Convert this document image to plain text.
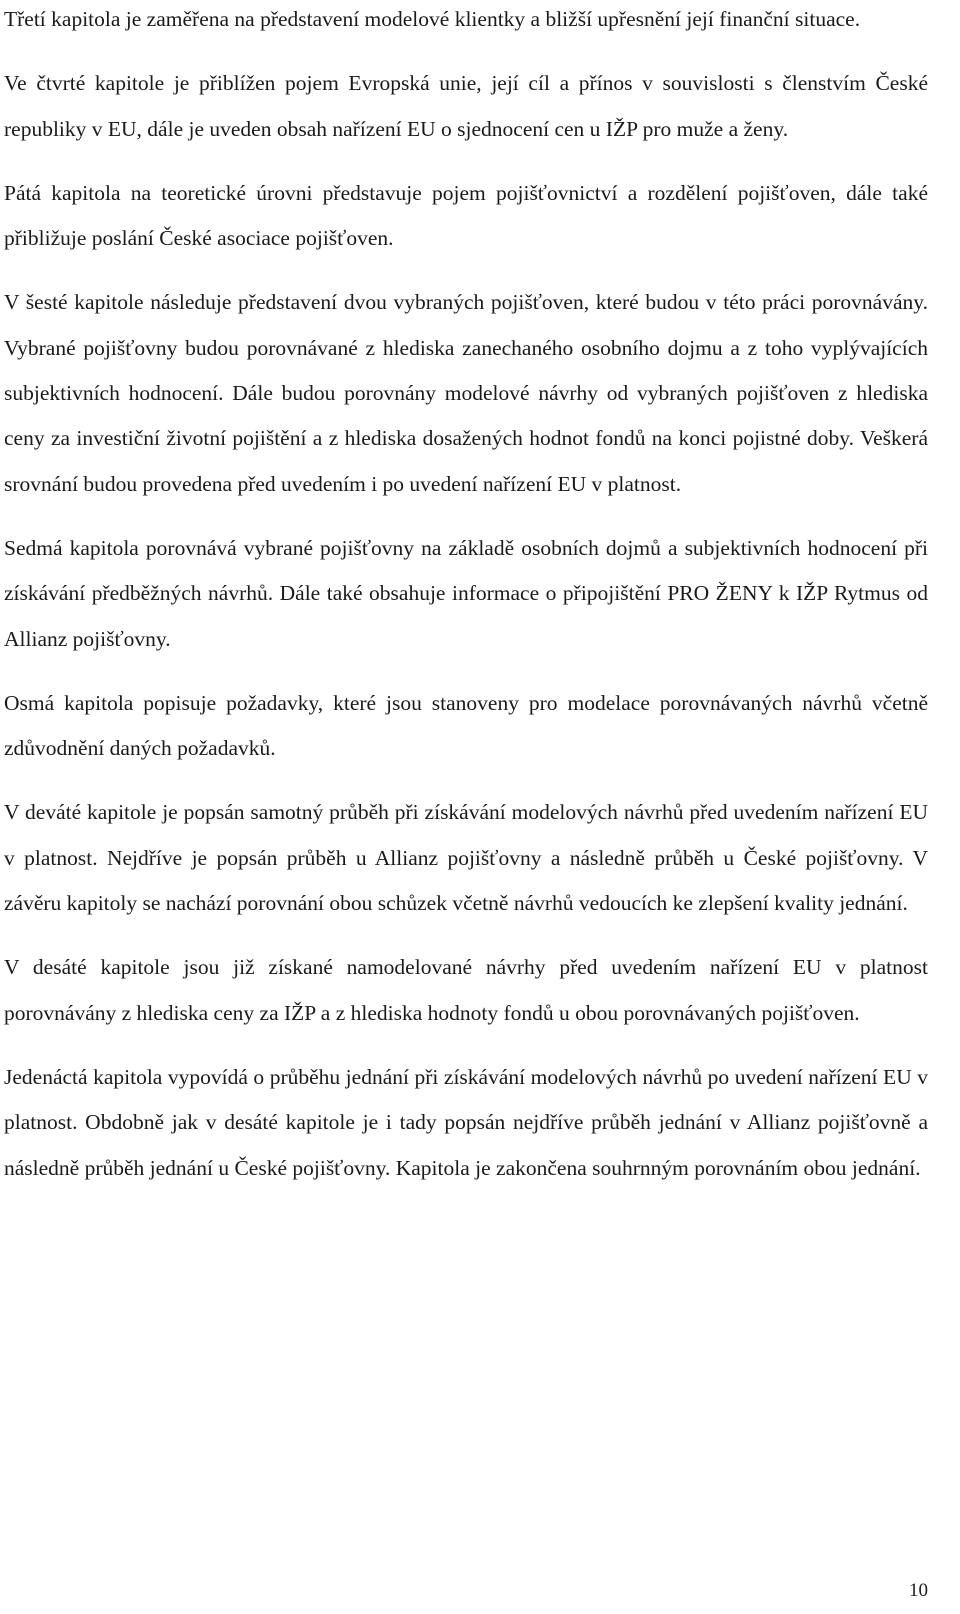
Třetí kapitola je zaměřena na představení modelové klientky a bližší upřesnění její finanční situace.

Ve čtvrté kapitole je přiblížen pojem Evropská unie, její cíl a přínos v souvislosti s členstvím České republiky v EU, dále je uveden obsah nařízení EU o sjednocení cen u IŽP pro muže a ženy.

Pátá kapitola na teoretické úrovni představuje pojem pojišťovnictví a rozdělení pojišťoven, dále také přibližuje poslání České asociace pojišťoven.

V šesté kapitole následuje představení dvou vybraných pojišťoven, které budou v této práci porovnávány. Vybrané pojišťovny budou porovnávané z hlediska zanechaného osobního dojmu a z toho vyplývajících subjektivních hodnocení. Dále budou porovnány modelové návrhy od vybraných pojišťoven z hlediska ceny za investiční životní pojištění a z hlediska dosažených hodnot fondů na konci pojistné doby. Veškerá srovnání budou provedena před uvedením i po uvedení nařízení EU v platnost.

Sedmá kapitola porovnává vybrané pojišťovny na základě osobních dojmů a subjektivních hodnocení při získávání předběžných návrhů. Dále také obsahuje informace o připojištění PRO ŽENY k IŽP Rytmus od Allianz pojišťovny.

Osmá kapitola popisuje požadavky, které jsou stanoveny pro modelace porovnávaných návrhů včetně zdůvodnění daných požadavků.

V deváté kapitole je popsán samotný průběh při získávání modelových návrhů před uvedením nařízení EU v platnost. Nejdříve je popsán průběh u Allianz pojišťovny a následně průběh u České pojišťovny. V závěru kapitoly se nachází porovnání obou schůzek včetně návrhů vedoucích ke zlepšení kvality jednání.

V desáté kapitole jsou již získané namodelované návrhy před uvedením nařízení EU v platnost porovnávány z hlediska ceny za IŽP a z hlediska hodnoty fondů u obou porovnávaných pojišťoven.

Jedenáctá kapitola vypovídá o průběhu jednání při získávání modelových návrhů po uvedení nařízení EU v platnost. Obdobně jak v desáté kapitole je i tady popsán nejdříve průběh jednání v Allianz pojišťovně a následně průběh jednání u České pojišťovny. Kapitola je zakončena souhrnným porovnáním obou jednání.

10
